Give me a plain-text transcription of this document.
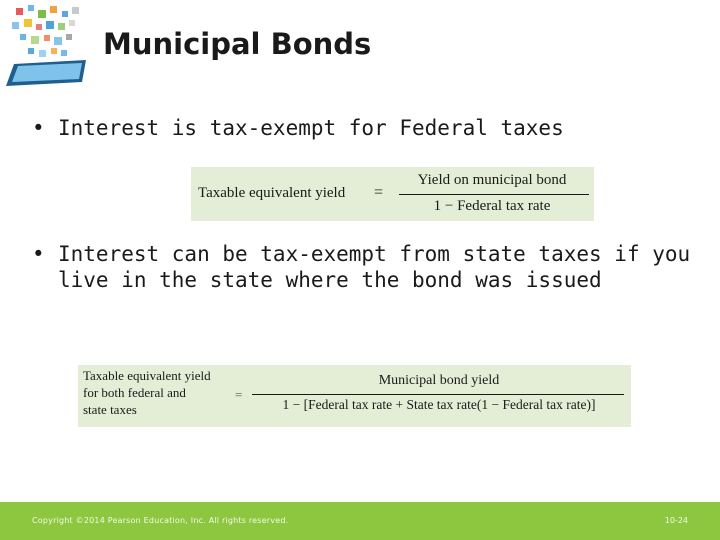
Municipal Bonds
• Interest is tax-exempt for Federal taxes
Taxable equivalent yield =
Yield on municipal bond
1 − Federal tax rate
• Interest can be tax-exempt from state taxes if you
live in the state where the bond was issued
Taxable equivalent yield
for both federal and
state taxes
=
Municipal bond yield
1 − [Federal tax rate + State tax rate(1 − Federal tax rate)]
Copyright ©2014 Pearson Education, Inc. All rights reserved.	10-24
